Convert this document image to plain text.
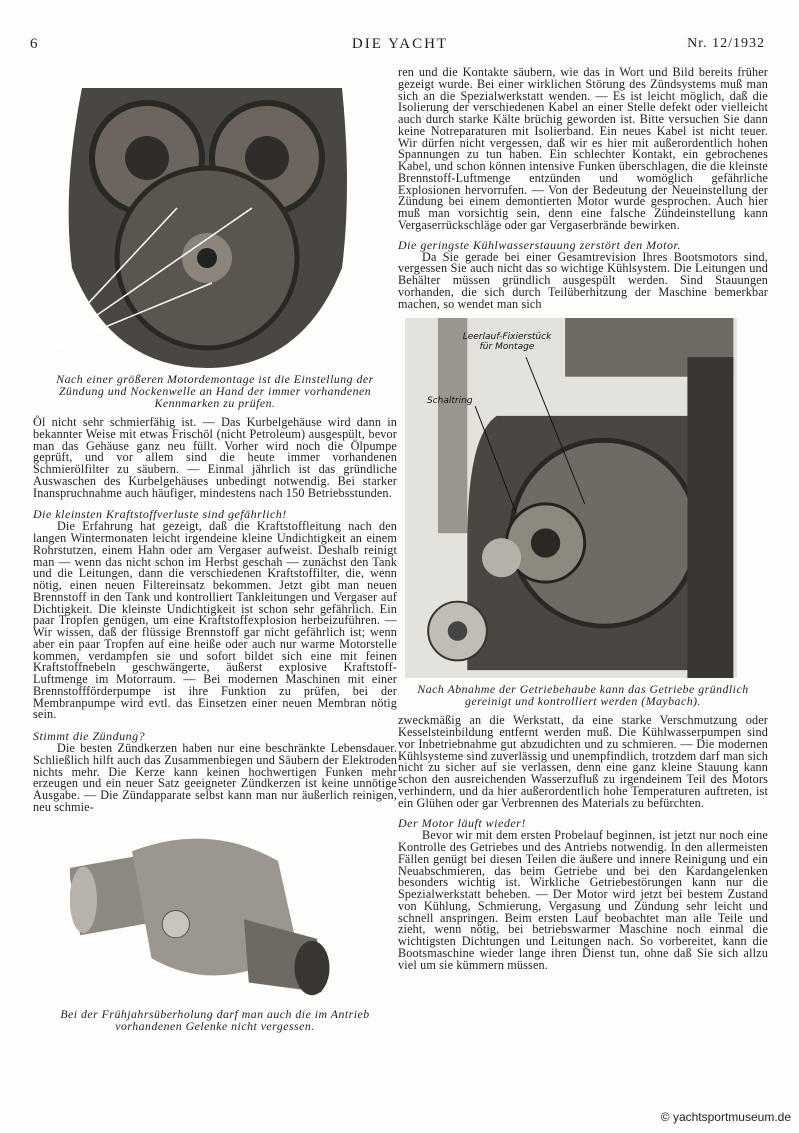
6	DIE YACHT	Nr. 12/1932
Nach einer größeren Motordemontage ist die Einstellung der Zündung und Nockenwelle an Hand der immer vorhandenen Kennmarken zu prüfen.

Öl nicht sehr schmierfähig ist. — Das Kurbelgehäuse wird dann in bekannter Weise mit etwas Frischöl (nicht Petroleum) ausgespült, bevor man das Gehäuse ganz neu füllt. Vorher wird noch die Ölpumpe geprüft, und vor allem sind die heute immer vorhandenen Schmierölfilter zu säubern. — Einmal jährlich ist das gründliche Auswaschen des Kurbelgehäuses unbedingt notwendig. Bei starker Inanspruchnahme auch häufiger, mindestens nach 150 Betriebsstunden.

Die kleinsten Kraftstoffverluste sind gefährlich!

Die Erfahrung hat gezeigt, daß die Kraftstoffleitung nach den langen Wintermonaten leicht irgendeine kleine Undichtigkeit an einem Rohrstutzen, einem Hahn oder am Vergaser aufweist. Deshalb reinigt man — wenn das nicht schon im Herbst geschah — zunächst den Tank und die Leitungen, dann die verschiedenen Kraftstoffilter, die, wenn nötig, einen neuen Filtereinsatz bekommen. Jetzt gibt man neuen Brennstoff in den Tank und kontrolliert Tankleitungen und Vergaser auf Dichtigkeit. Die kleinste Undichtigkeit ist schon sehr gefährlich. Ein paar Tropfen genügen, um eine Kraftstoffexplosion herbeizuführen. — Wir wissen, daß der flüssige Brennstoff gar nicht gefährlich ist; wenn aber ein paar Tropfen auf eine heiße oder auch nur warme Motorstelle kommen, verdampfen sie und sofort bildet sich eine mit feinen Kraftstoffnebeln geschwängerte, äußerst explosive Kraftstoff-Luftmenge im Motorraum. — Bei modernen Maschinen mit einer Brennstoffförderpumpe ist ihre Funktion zu prüfen, bei der Membranpumpe wird evtl. das Einsetzen einer neuen Membran nötig sein.

Stimmt die Zündung?

Die besten Zündkerzen haben nur eine beschränkte Lebensdauer. Schließlich hilft auch das Zusammenbiegen und Säubern der Elektroden nichts mehr. Die Kerze kann keinen hochwertigen Funken mehr erzeugen und ein neuer Satz geeigneter Zündkerzen ist keine unnötige Ausgabe. — Die Zündapparate selbst kann man nur äußerlich reinigen, neu schmie-

Bei der Frühjahrsüberholung darf man auch die im Antrieb vorhandenen Gelenke nicht vergessen.

ren und die Kontakte säubern, wie das in Wort und Bild bereits früher gezeigt wurde. Bei einer wirklichen Störung des Zündsystems muß man sich an die Spezialwerkstatt wenden. — Es ist leicht möglich, daß die Isolierung der verschiedenen Kabel an einer Stelle defekt oder vielleicht auch durch starke Kälte brüchig geworden ist. Bitte versuchen Sie dann keine Notreparaturen mit Isolierband. Ein neues Kabel ist nicht teuer. Wir dürfen nicht vergessen, daß wir es hier mit außerordentlich hohen Spannungen zu tun haben. Ein schlechter Kontakt, ein gebrochenes Kabel, und schon können intensive Funken überschlagen, die die kleinste Brennstoff-Luftmenge entzünden und womöglich gefährliche Explosionen hervorrufen. — Von der Bedeutung der Neueinstellung der Zündung bei einem demontierten Motor wurde gesprochen. Auch hier muß man vorsichtig sein, denn eine falsche Zündeinstellung kann Vergaserrückschläge oder gar Vergaserbrände bewirken.

Die geringste Kühlwasserstauung zerstört den Motor.

Da Sie gerade bei einer Gesamtrevision Ihres Bootsmotors sind, vergessen Sie auch nicht das so wichtige Kühlsystem. Die Leitungen und Behälter müssen gründlich ausgespült werden. Sind Stauungen vorhanden, die sich durch Teilüberhitzung der Maschine bemerkbar machen, so wendet man sich

Leerlauf-Fixierstück für Montage
Schaltring
Nach Abnahme der Getriebehaube kann das Getriebe gründlich gereinigt und kontrolliert werden (Maybach).

zweckmäßig an die Werkstatt, da eine starke Verschmutzung oder Kesselsteinbildung entfernt werden muß. Die Kühlwasserpumpen sind vor Inbetriebnahme gut abzudichten und zu schmieren. — Die modernen Kühlsysteme sind zuverlässig und unempfindlich, trotzdem darf man sich nicht zu sicher auf sie verlassen, denn eine ganz kleine Stauung kann schon den ausreichenden Wasserzufluß zu irgendeinem Teil des Motors verhindern, und da hier außerordentlich hohe Temperaturen auftreten, ist ein Glühen oder gar Verbrennen des Materials zu befürchten.

Der Motor läuft wieder!

Bevor wir mit dem ersten Probelauf beginnen, ist jetzt nur noch eine Kontrolle des Getriebes und des Antriebs notwendig. In den allermeisten Fällen genügt bei diesen Teilen die äußere und innere Reinigung und ein Neuabschmieren, das beim Getriebe und bei den Kardangelenken besonders wichtig ist. Wirkliche Getriebestörungen kann nur die Spezialwerkstatt beheben. — Der Motor wird jetzt bei bestem Zustand von Kühlung, Schmierung, Vergasung und Zündung sehr leicht und schnell anspringen. Beim ersten Lauf beobachtet man alle Teile und zieht, wenn nötig, bei betriebswarmer Maschine noch einmal die wichtigsten Dichtungen und Leitungen nach. So vorbereitet, kann die Bootsmaschine wieder lange ihren Dienst tun, ohne daß Sie sich allzu viel um sie kümmern müssen.

© yachtsportmuseum.de
